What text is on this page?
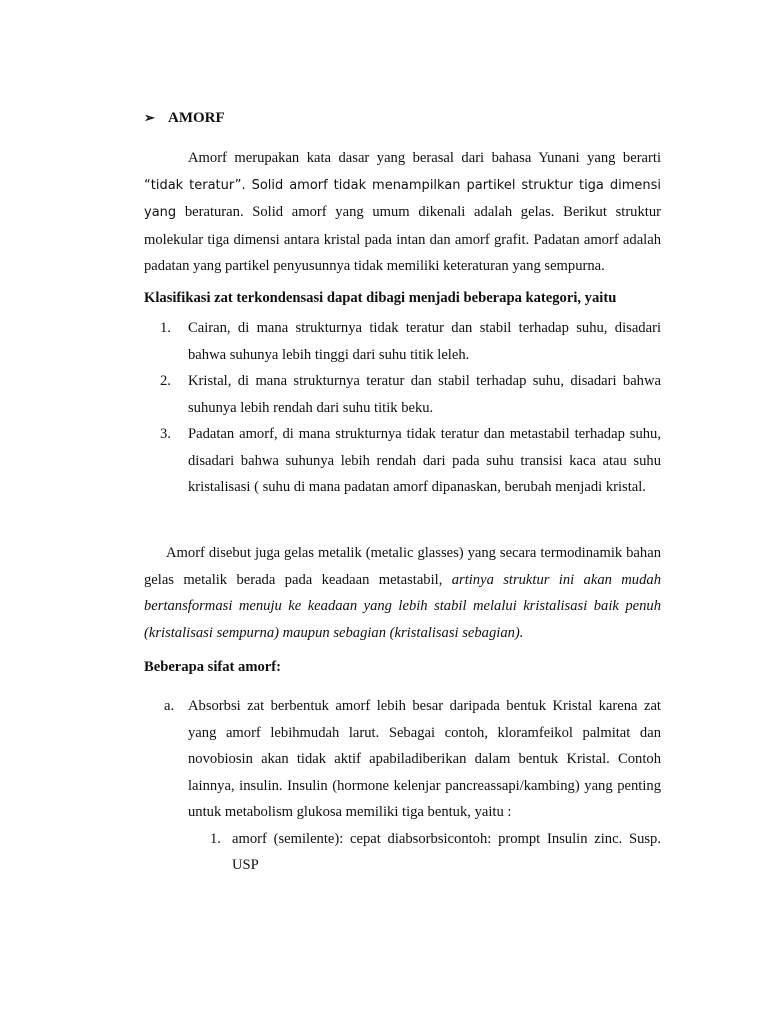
➢ AMORF
Amorf merupakan kata dasar yang berasal dari bahasa Yunani yang berarti “tidak teratur”. Solid amorf tidak menampilkan partikel struktur tiga dimensi yang beraturan. Solid amorf yang umum dikenali adalah gelas. Berikut struktur molekular tiga dimensi antara kristal pada intan dan amorf grafit. Padatan amorf adalah padatan yang partikel penyusunnya tidak memiliki keteraturan yang sempurna.
Klasifikasi zat terkondensasi dapat dibagi menjadi beberapa kategori, yaitu
1. Cairan, di mana strukturnya tidak teratur dan stabil terhadap suhu, disadari bahwa suhunya lebih tinggi dari suhu titik leleh.
2. Kristal, di mana strukturnya teratur dan stabil terhadap suhu, disadari bahwa suhunya lebih rendah dari suhu titik beku.
3. Padatan amorf, di mana strukturnya tidak teratur dan metastabil terhadap suhu, disadari bahwa suhunya lebih rendah dari pada suhu transisi kaca atau suhu kristalisasi ( suhu di mana padatan amorf dipanaskan, berubah menjadi kristal.
Amorf disebut juga gelas metalik (metalic glasses) yang secara termodinamik bahan gelas metalik berada pada keadaan metastabil, artinya struktur ini akan mudah bertansformasi menuju ke keadaan yang lebih stabil melalui kristalisasi baik penuh (kristalisasi sempurna) maupun sebagian (kristalisasi sebagian).
Beberapa sifat amorf:
a. Absorbsi zat berbentuk amorf lebih besar daripada bentuk Kristal karena zat yang amorf lebihmudah larut. Sebagai contoh, kloramfeikol palmitat dan novobiosin akan tidak aktif apabiladiberikan dalam bentuk Kristal. Contoh lainnya, insulin. Insulin (hormone kelenjar pancreassapi/kambing) yang penting untuk metabolism glukosa memiliki tiga bentuk, yaitu :
1. amorf (semilente): cepat diabsorbsicontoh: prompt Insulin zinc. Susp. USP
